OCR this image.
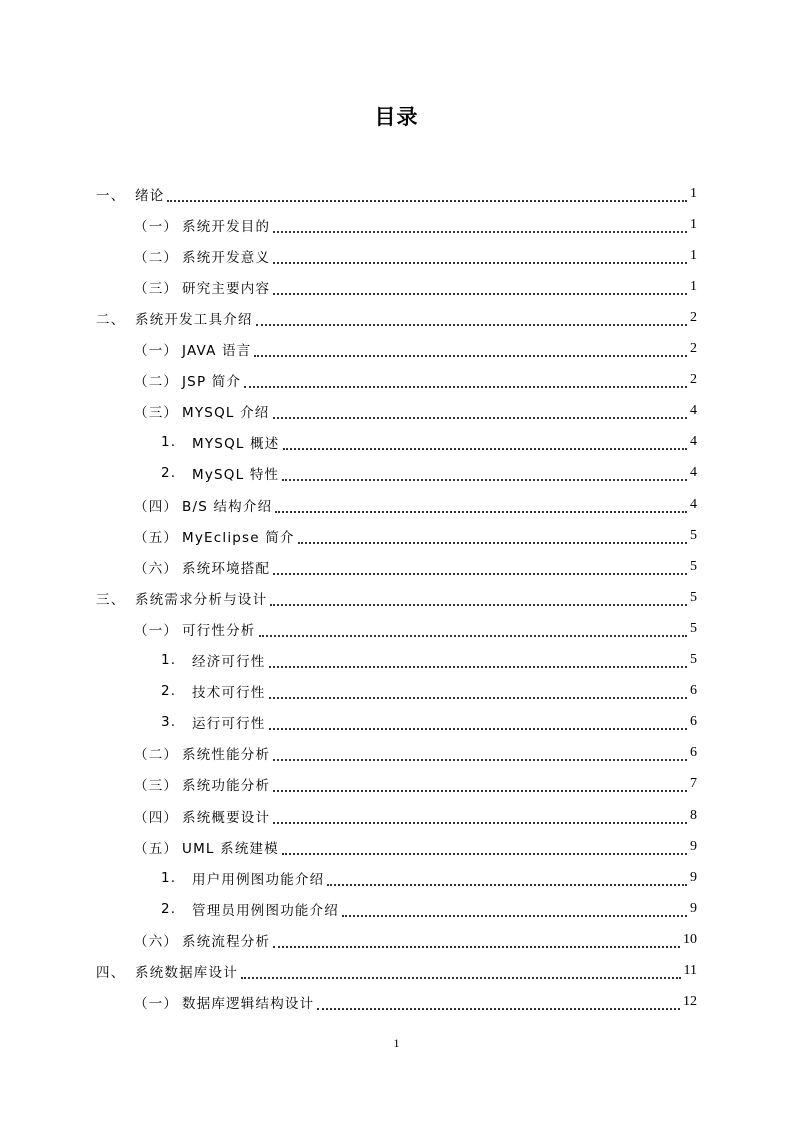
目录
一、 绪论	1
（一） 系统开发目的	1
（二） 系统开发意义	1
（三） 研究主要内容	1
二、 系统开发工具介绍	2
（一） JAVA 语言	2
（二） JSP 简介	2
（三） MYSQL 介绍	4
1.	MYSQL 概述	4
2.	MySQL 特性	4
（四） B/S 结构介绍	4
（五） MyEclipse 简介	5
（六） 系统环境搭配	5
三、 系统需求分析与设计	5
（一） 可行性分析	5
1.	经济可行性	5
2.	技术可行性	6
3.	运行可行性	6
（二） 系统性能分析	6
（三） 系统功能分析	7
（四） 系统概要设计	8
（五） UML 系统建模	9
1.	用户用例图功能介绍	9
2.	管理员用例图功能介绍	9
（六） 系统流程分析	10
四、 系统数据库设计	11
（一） 数据库逻辑结构设计	12
1
